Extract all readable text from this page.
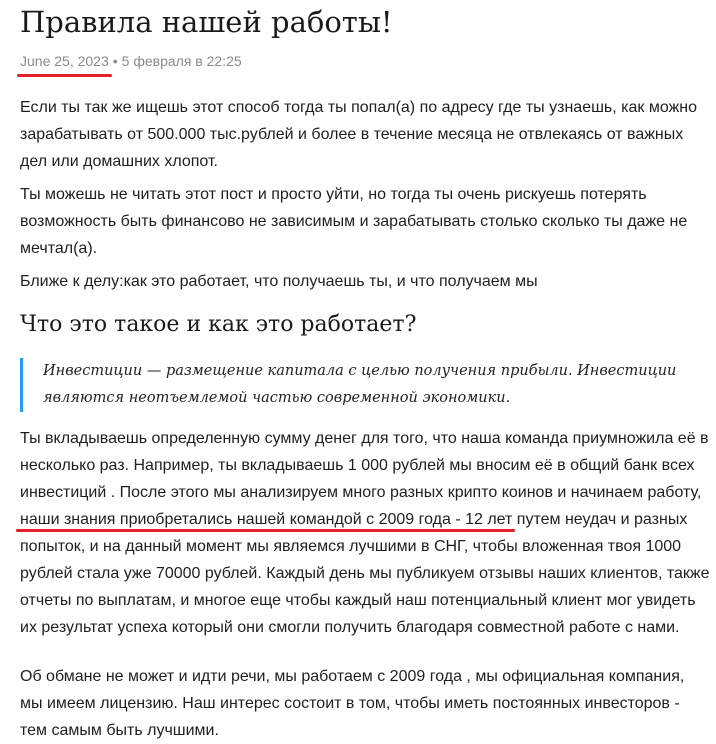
Правила нашей работы!
June 25, 2023 • 5 февраля в 22:25

Если ты так же ищешь этот способ тогда ты попал(а) по адресу где ты узнаешь, как можно зарабатывать от 500.000 тыс.рублей и более в течение месяца не отвлекаясь от важных дел или домашних хлопот.

Ты можешь не читать этот пост и просто уйти, но тогда ты очень рискуешь потерять возможность быть финансово не зависимым и зарабатывать столько сколько ты даже не мечтал(а).

Ближе к делу:как это работает, что получаешь ты, и что получаем мы

Что это такое и как это работает?
Инвестиции — размещение капитала с целью получения прибыли. Инвестиции являются неотъемлемой частью современной экономики.

Ты вкладываешь определенную сумму денег для того, что наша команда приумножила её в несколько раз. Например, ты вкладываешь 1 000 рублей мы вносим её в общий банк всех инвестиций . После этого мы анализируем много разных крипто коинов и начинаем работу, наши знания приобретались нашей командой с 2009 года - 12 лет путем неудач и разных попыток, и на данный момент мы являемся лучшими в СНГ, чтобы вложенная твоя 1000 рублей стала уже 70000 рублей. Каждый день мы публикуем отзывы наших клиентов, также отчеты по выплатам, и многое еще чтобы каждый наш потенциальный клиент мог увидеть их результат успеха который они смогли получить благодаря совместной работе с нами.

Об обмане не может и идти речи, мы работаем с 2009 года , мы официальная компания, мы имеем лицензию. Наш интерес состоит в том, чтобы иметь постоянных инвесторов - тем самым быть лучшими.
